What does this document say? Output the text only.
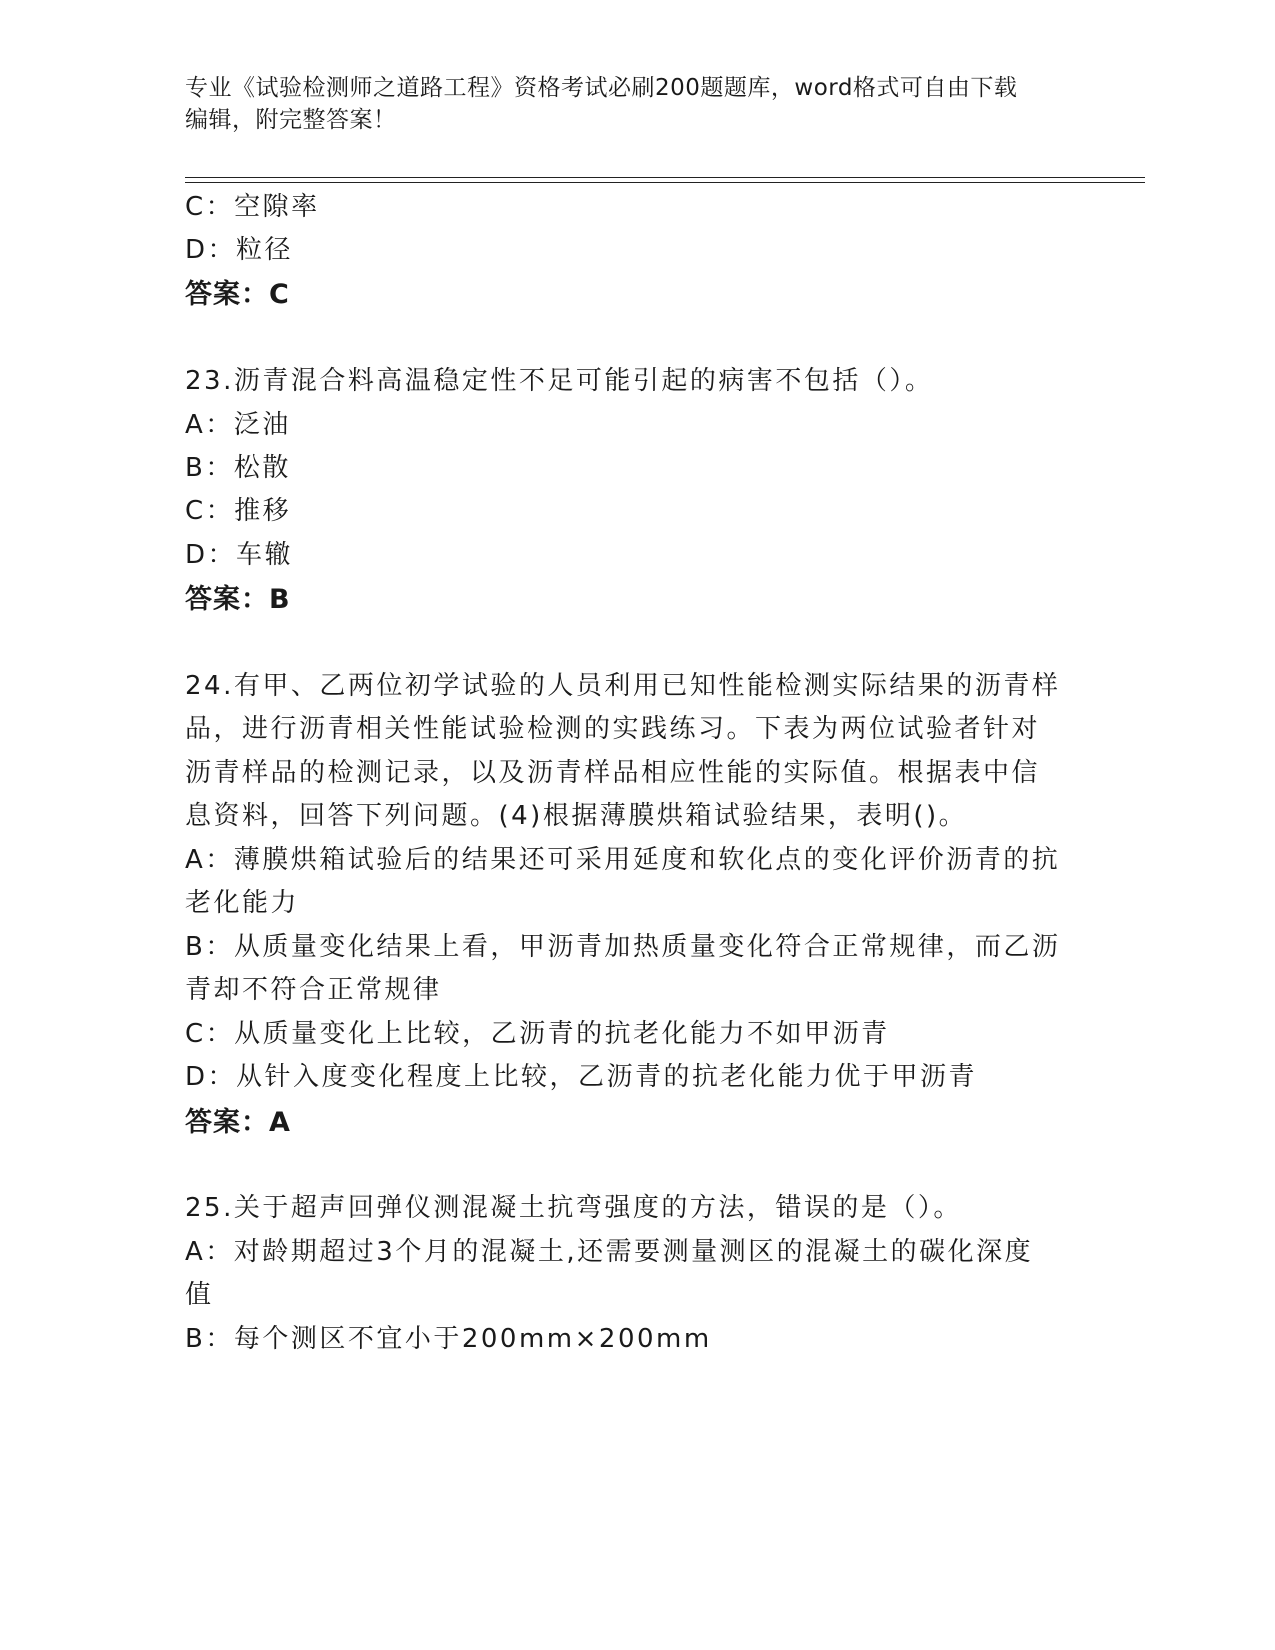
专业《试验检测师之道路工程》资格考试必刷200题题库，word格式可自由下载
编辑，附完整答案！
C：空隙率
D：粒径
答案：C
23.沥青混合料高温稳定性不足可能引起的病害不包括（）。
A：泛油
B：松散
C：推移
D：车辙
答案：B
24.有甲、乙两位初学试验的人员利用已知性能检测实际结果的沥青样
品，进行沥青相关性能试验检测的实践练习。下表为两位试验者针对
沥青样品的检测记录，以及沥青样品相应性能的实际值。根据表中信
息资料，回答下列问题。(4)根据薄膜烘箱试验结果，表明()。
A：薄膜烘箱试验后的结果还可采用延度和软化点的变化评价沥青的抗
老化能力
B：从质量变化结果上看，甲沥青加热质量变化符合正常规律，而乙沥
青却不符合正常规律
C：从质量变化上比较，乙沥青的抗老化能力不如甲沥青
D：从针入度变化程度上比较，乙沥青的抗老化能力优于甲沥青
答案：A
25.关于超声回弹仪测混凝土抗弯强度的方法，错误的是（）。
A：对龄期超过3个月的混凝土,还需要测量测区的混凝土的碳化深度
值
B：每个测区不宜小于200mm×200mm
